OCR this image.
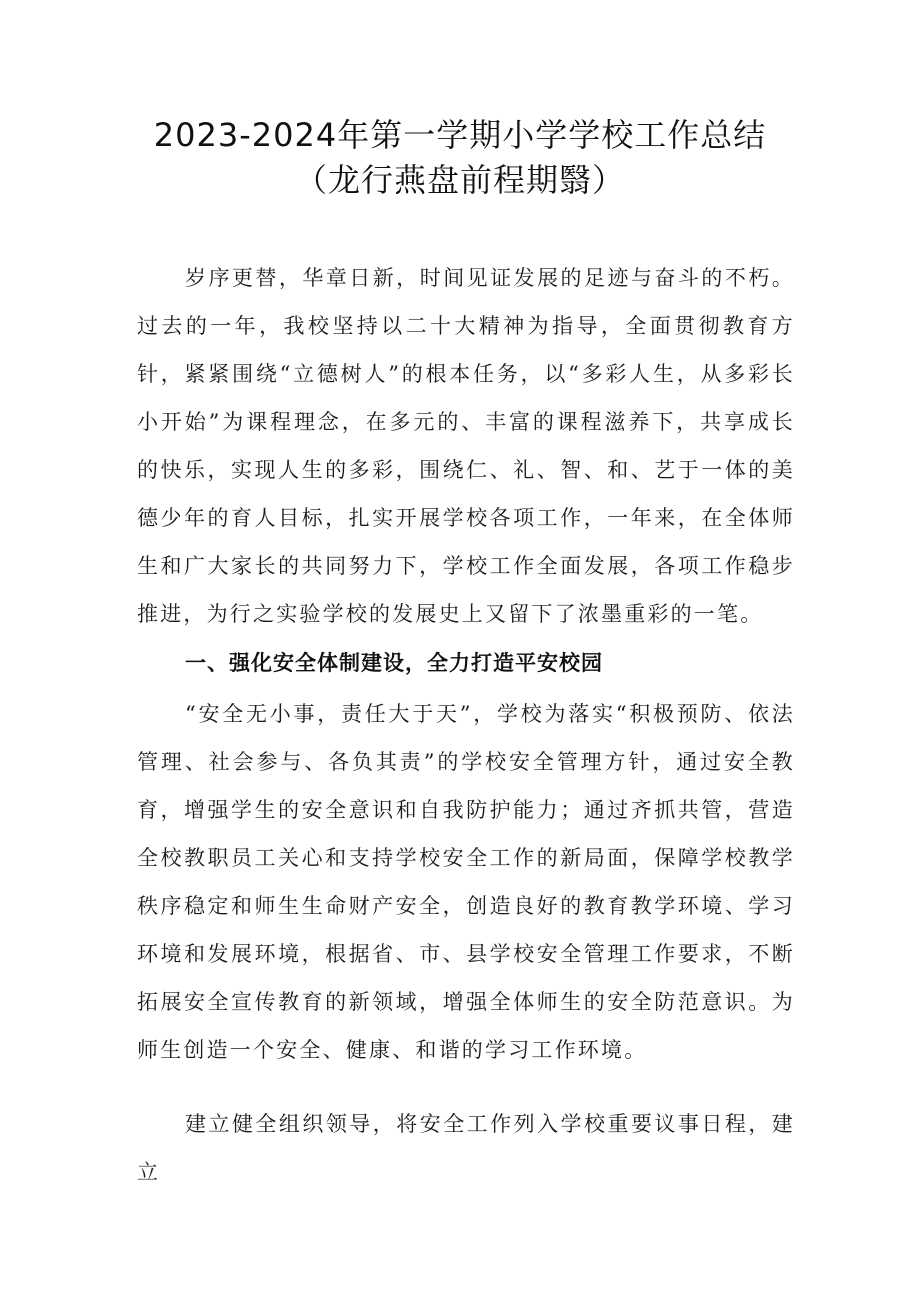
2023-2024年第一学期小学学校工作总结
（龙行燕盘前程期翳）

岁序更替，华章日新，时间见证发展的足迹与奋斗的不朽。过去的一年，我校坚持以二十大精神为指导，全面贯彻教育方针，紧紧围绕“立德树人”的根本任务，以“多彩人生，从多彩长小开始”为课程理念，在多元的、丰富的课程滋养下，共享成长的快乐，实现人生的多彩，围绕仁、礼、智、和、艺于一体的美德少年的育人目标，扎实开展学校各项工作，一年来，在全体师生和广大家长的共同努力下，学校工作全面发展，各项工作稳步推进，为行之实验学校的发展史上又留下了浓墨重彩的一笔。

一、强化安全体制建设，全力打造平安校园

“安全无小事，责任大于天”，学校为落实“积极预防、依法管理、社会参与、各负其责”的学校安全管理方针，通过安全教育，增强学生的安全意识和自我防护能力；通过齐抓共管，营造全校教职员工关心和支持学校安全工作的新局面，保障学校教学秩序稳定和师生生命财产安全，创造良好的教育教学环境、学习环境和发展环境，根据省、市、县学校安全管理工作要求，不断拓展安全宣传教育的新领域，增强全体师生的安全防范意识。为师生创造一个安全、健康、和谐的学习工作环境。

建立健全组织领导，将安全工作列入学校重要议事日程，建立
